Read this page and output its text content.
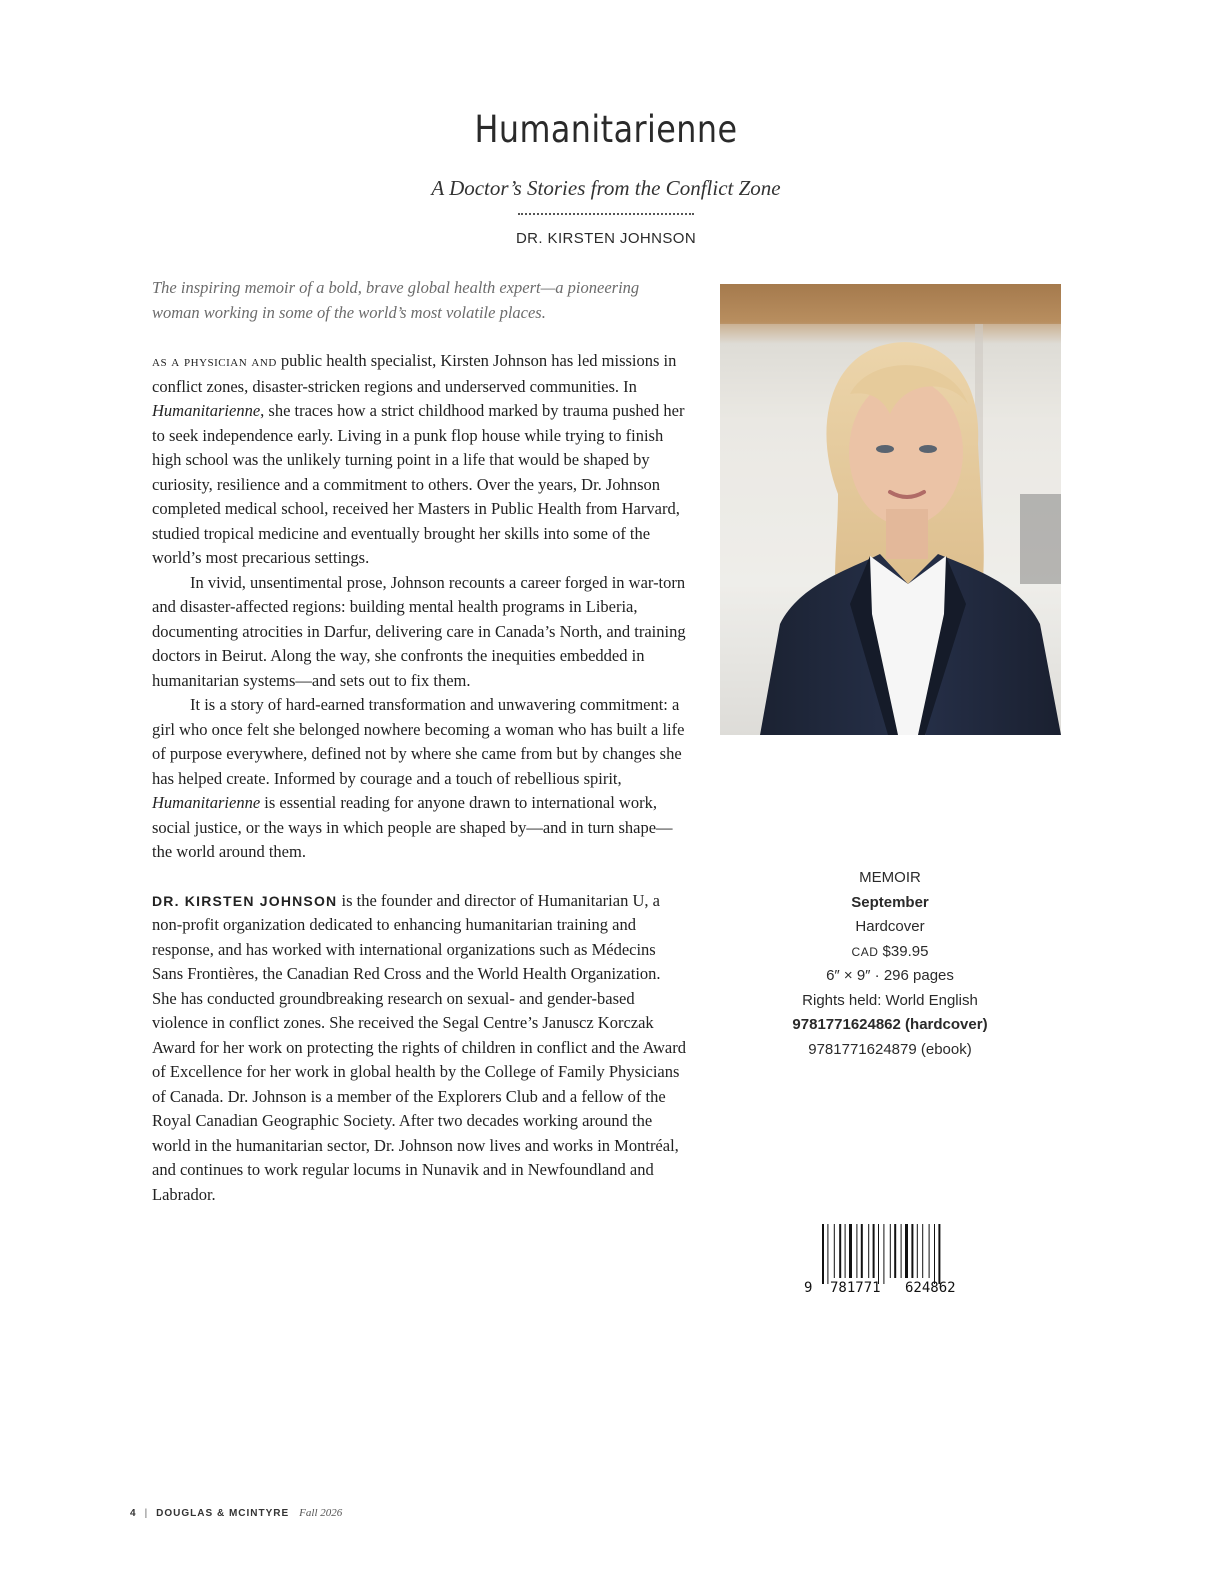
Humanitarienne
A Doctor’s Stories from the Conflict Zone
DR. KIRSTEN JOHNSON

The inspiring memoir of a bold, brave global health expert—a pioneering woman working in some of the world’s most volatile places.

as a physician and public health specialist, Kirsten Johnson has led missions in conflict zones, disaster-stricken regions and underserved communities. In Humanitarienne, she traces how a strict childhood marked by trauma pushed her to seek independence early. Living in a punk flop house while trying to finish high school was the unlikely turning point in a life that would be shaped by curiosity, resilience and a commitment to others. Over the years, Dr. Johnson completed medical school, received her Masters in Public Health from Harvard, studied tropical medicine and eventually brought her skills into some of the world’s most precarious settings.

In vivid, unsentimental prose, Johnson recounts a career forged in war-torn and disaster-affected regions: building mental health programs in Liberia, documenting atrocities in Darfur, delivering care in Canada’s North, and training doctors in Beirut. Along the way, she confronts the inequities embedded in humanitarian systems—and sets out to fix them.

It is a story of hard-earned transformation and unwavering commitment: a girl who once felt she belonged nowhere becoming a woman who has built a life of purpose everywhere, defined not by where she came from but by changes she has helped create. Informed by courage and a touch of rebellious spirit, Humanitarienne is essential reading for anyone drawn to international work, social justice, or the ways in which people are shaped by—and in turn shape—the world around them.

DR. KIRSTEN JOHNSON is the founder and director of Humanitarian U, a non-profit organization dedicated to enhancing humanitarian training and response, and has worked with international organizations such as Médecins Sans Frontières, the Canadian Red Cross and the World Health Organization. She has conducted groundbreaking research on sexual- and gender-based violence in conflict zones. She received the Segal Centre’s Januscz Korczak Award for her work on protecting the rights of children in conflict and the Award of Excellence for her work in global health by the College of Family Physicians of Canada. Dr. Johnson is a member of the Explorers Club and a fellow of the Royal Canadian Geographic Society. After two decades working around the world in the humanitarian sector, Dr. Johnson now lives and works in Montréal, and continues to work regular locums in Nunavik and in Newfoundland and Labrador.

MEMOIR
September
Hardcover
CAD $39.95
6″ × 9″ · 296 pages
Rights held: World English
9781771624862 (hardcover)
9781771624879 (ebook)
9 781771 624862
4 | DOUGLAS & MCINTYRE Fall 2026
